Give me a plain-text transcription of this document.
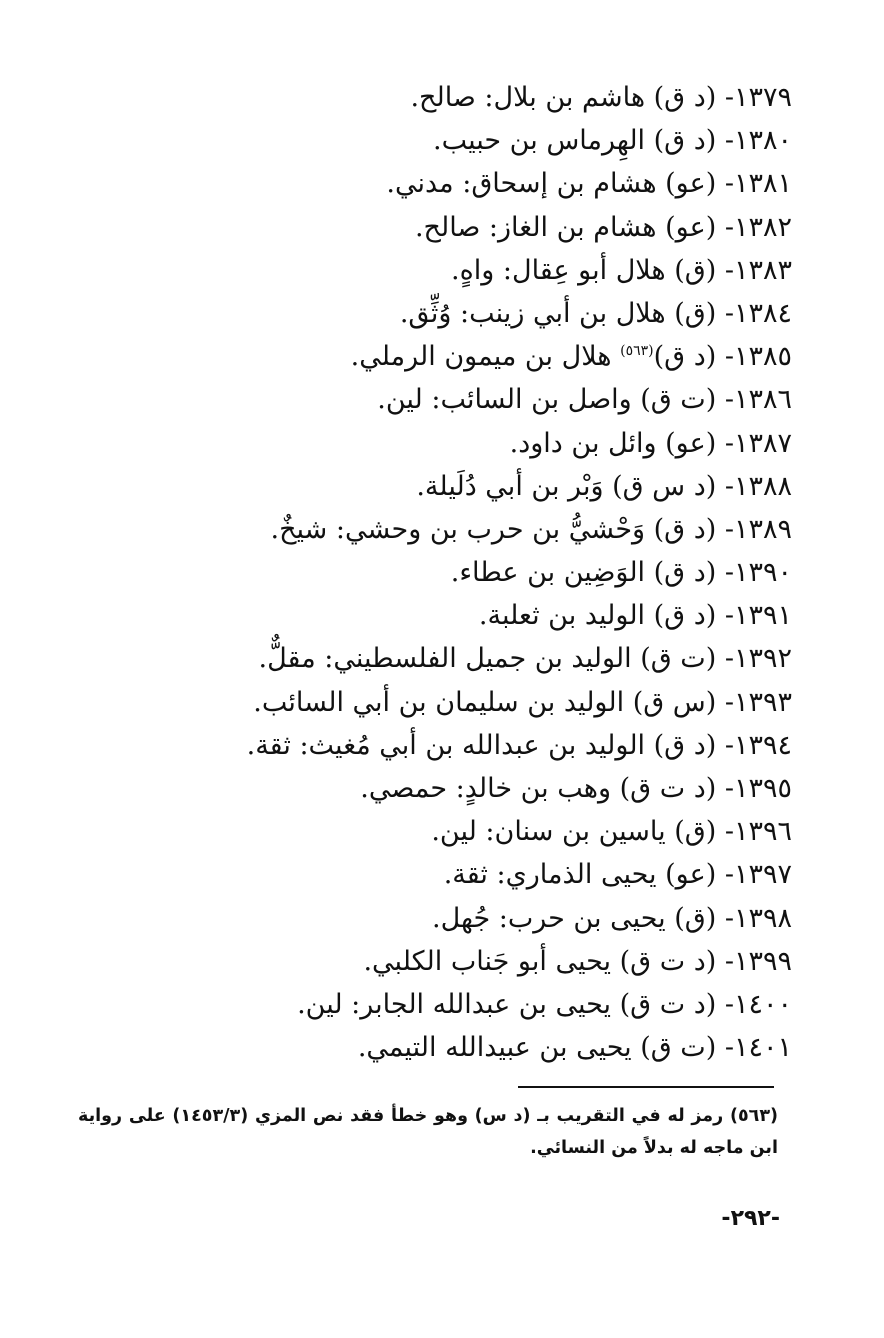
١٣٧٩- (د ق) هاشم بن بلال: صالح.
١٣٨٠- (د ق) الهِرماس بن حبيب.
١٣٨١- (عو) هشام بن إسحاق: مدني.
١٣٨٢- (عو) هشام بن الغاز: صالح.
١٣٨٣- (ق) هلال أبو عِقال: واهٍ.
١٣٨٤- (ق) هلال بن أبي زينب: وُثِّق.
١٣٨٥- (د ق)$^{(٥٦٣)}$ هلال بن ميمون الرملي.
١٣٨٦- (ت ق) واصل بن السائب: لين.
١٣٨٧- (عو) وائل بن داود.
١٣٨٨- (د س ق) وَبْر بن أبي دُلَيلة.
١٣٨٩- (د ق) وَحْشيُّ بن حرب بن وحشي: شيخٌ.
١٣٩٠- (د ق) الوَضِين بن عطاء.
١٣٩١- (د ق) الوليد بن ثعلبة.
١٣٩٢- (ت ق) الوليد بن جميل الفلسطيني: مقلٌّ.
١٣٩٣- (س ق) الوليد بن سليمان بن أبي السائب.
١٣٩٤- (د ق) الوليد بن عبدالله بن أبي مُغيث: ثقة.
١٣٩٥- (د ت ق) وهب بن خالدٍ: حمصي.
١٣٩٦- (ق) ياسين بن سنان: لين.
١٣٩٧- (عو) يحيى الذماري: ثقة.
١٣٩٨- (ق) يحيى بن حرب: جُهل.
١٣٩٩- (د ت ق) يحيى أبو جَناب الكلبي.
١٤٠٠- (د ت ق) يحيى بن عبدالله الجابر: لين.
١٤٠١- (ت ق) يحيى بن عبيدالله التيمي.
(٥٦٣) رمز له في التقريب بـ (د س) وهو خطأ فقد نص المزي (١٤٥٣/٣) على رواية ابن ماجه له بدلاً من النسائي.
-٢٩٢-
